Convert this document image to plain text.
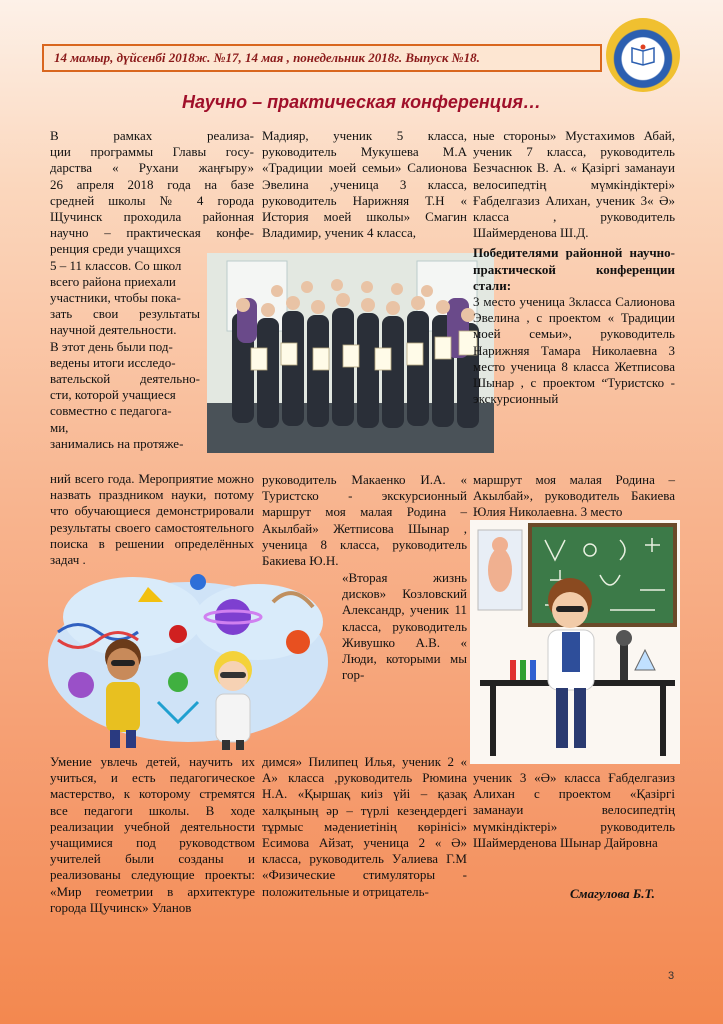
14 мамыр, дүйсенбі 2018ж. №17, 14 мая , понедельник 2018г. Выпуск №18.
Научно – практическая конференция…

В рамках реализа-

ции программы Главы госу-

дарства « Рухани жаңғыру»

26 апреля 2018 года на базе

средней школы № 4 города

Щучинск проходила районная

научно – практическая конфе-

ренция среди учащихся

5 – 11 классов. Со школ

всего района приехали

участники, чтобы пока-

зать свои результаты

научной деятельности.

В этот день были под-

ведены итоги исследо-

вательской деятельно-

сти, которой учащиеся

совместно с педагога-

ми,

занимались на протяже-

ний всего года. Мероприятие можно назвать праздником науки, потому что обучающиеся демонстрировали результаты своего самостоятельного поиска в решении определённых задач .

Мадияр, ученик 5 класса, руководитель Мукушева М.А «Традиции моей семьи» Салионова Эвелина ,ученица 3 класса, руководитель Нарижняя Т.Н « История моей школы» Смагин Владимир, ученик 4 класса,

руководитель Макаенко И.А. « Туристско - экскурсионный маршрут моя малая Родина – Акылбай» Жетписова Шынар , ученица 8 класса, руководитель Бакиева Ю.Н.

«Вторая жизнь дисков» Козловский Александр, ученик 11 класса, руководитель Живушко А.В. « Люди, которыми мы гор-

ные стороны» Мустахимов Абай, ученик 7 класса, руководитель Безчаснюк В. А. « Қазіргі заманауи велосипедтің мүмкіндіктері» Ғабделгазиз Алихан, ученик 3« Ә» класса , руководитель Шаймерденова Ш.Д.

Победителями районной научно-практической конференции стали:

3 место ученица 3класса Салионова Эвелина , с проектом « Традиции моей семьи», руководитель Нарижняя Тамара Николаевна 3 место ученица 8 класса Жетписова Шынар , с проектом “Туристско - экскурсионный

маршрут моя малая Родина – Акылбай», руководитель Бакиева Юлия Николаевна. 3 место

Умение увлечь детей, научить их учиться, и есть педагогическое мастерство, к которому стремятся все педагоги школы. В ходе реализации учебной деятельности учащимися под руководством учителей были созданы и реализованы следующие проекты: «Мир геометрии в архитектуре города Щучинск» Уланов

димся» Пилипец Илья, ученик 2 « А» класса ,руководитель Рюмина Н.А. «Қыршақ киіз үйі – қазақ халқының әр – түрлі кезеңдердегі тұрмыс мәдениетінің көрінісі» Есимова Айзат, ученица 2 « Ә» класса, руководитель Уалиева Г.М «Физические стимуляторы - положительные и отрицатель-

ученик 3 «Ә» класса Ғабделгазиз Алихан с проектом «Қазіргі заманауи велосипедтің мүмкіндіктері» руководитель Шаймерденова Шынар Дайровна

Смагулова Б.Т.
3
